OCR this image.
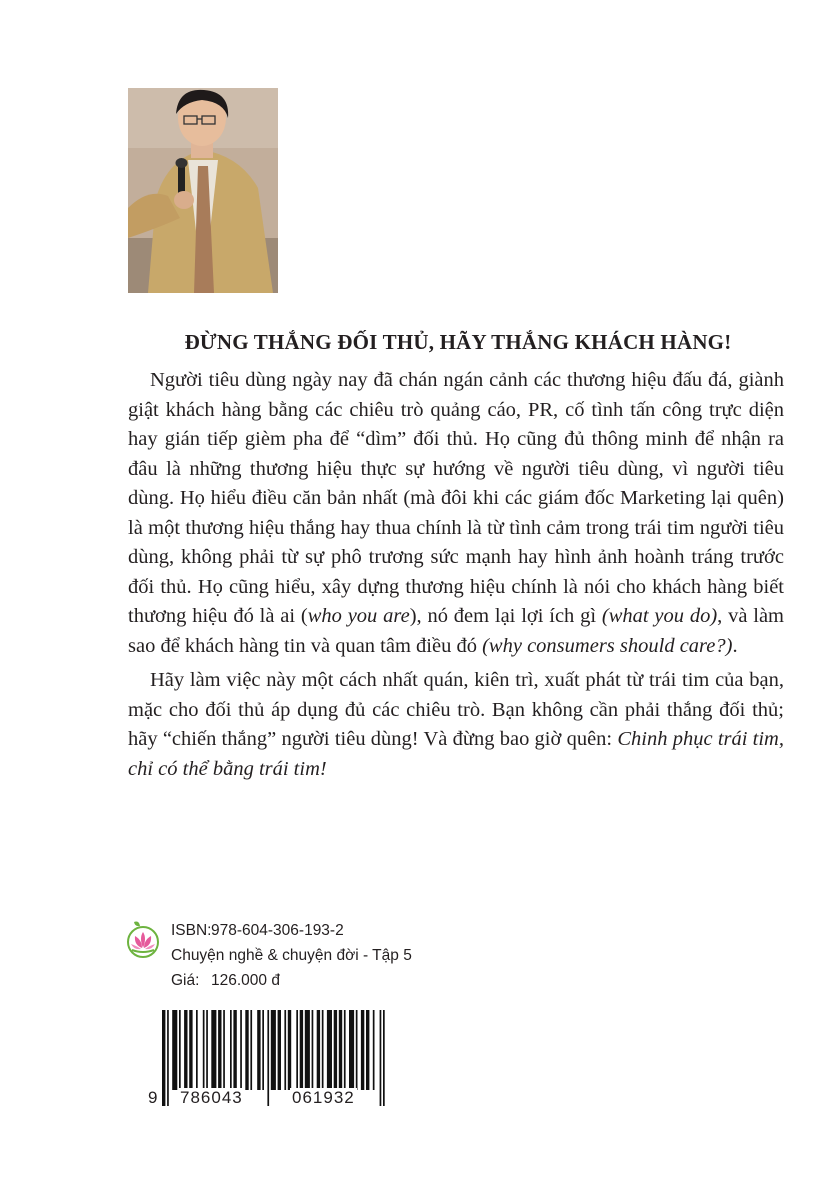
ĐỪNG THẮNG ĐỐI THỦ, HÃY THẮNG KHÁCH HÀNG!

Người tiêu dùng ngày nay đã chán ngán cảnh các thương hiệu đấu đá, giành giật khách hàng bằng các chiêu trò quảng cáo, PR, cố tình tấn công trực diện hay gián tiếp gièm pha để “dìm” đối thủ. Họ cũng đủ thông minh để nhận ra đâu là những thương hiệu thực sự hướng về người tiêu dùng, vì người tiêu dùng. Họ hiểu điều căn bản nhất (mà đôi khi các giám đốc Marketing lại quên) là một thương hiệu thắng hay thua chính là từ tình cảm trong trái tim người tiêu dùng, không phải từ sự phô trương sức mạnh hay hình ảnh hoành tráng trước đối thủ. Họ cũng hiểu, xây dựng thương hiệu chính là nói cho khách hàng biết thương hiệu đó là ai (who you are), nó đem lại lợi ích gì (what you do), và làm sao để khách hàng tin và quan tâm điều đó (why consumers should care?).

Hãy làm việc này một cách nhất quán, kiên trì, xuất phát từ trái tim của bạn, mặc cho đối thủ áp dụng đủ các chiêu trò. Bạn không cần phải thắng đối thủ; hãy “chiến thắng” người tiêu dùng! Và đừng bao giờ quên: Chinh phục trái tim, chỉ có thể bằng trái tim!

ISBN:978-604-306-193-2
Chuyện nghề & chuyện đời - Tập 5
Giá: 126.000 đ
9 786043	061932
